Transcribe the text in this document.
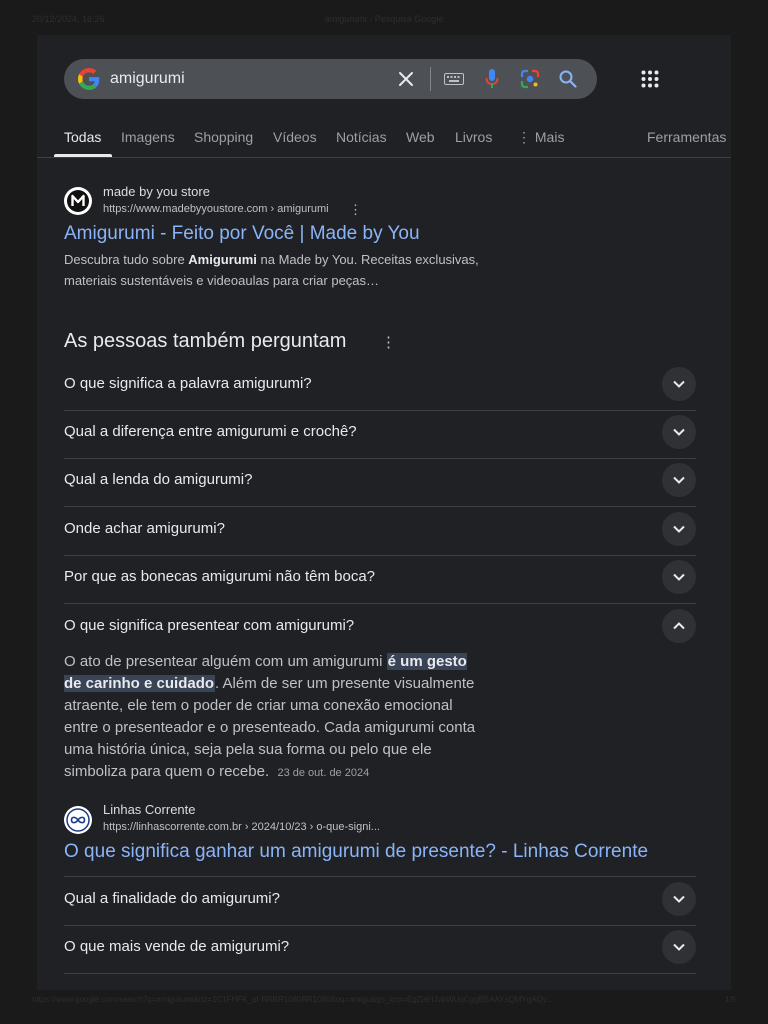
20/12/2024, 16:26	amigurumi - Pesquisa Google
amigurumi
Todas Imagens Shopping Vídeos Notícias Web Livros ⋮ Mais	Ferramentas
made by you store
https://www.madebyyoustore.com › amigurumi ⋮
Amigurumi - Feito por Você | Made by You
Descubra tudo sobre Amigurumi na Made by You. Receitas exclusivas, materiais sustentáveis e videoaulas para criar peças…
As pessoas também perguntam ⋮
O que significa a palavra amigurumi?
Qual a diferença entre amigurumi e crochê?
Qual a lenda do amigurumi?
Onde achar amigurumi?
Por que as bonecas amigurumi não têm boca?
O que significa presentear com amigurumi?
O ato de presentear alguém com um amigurumi é um gesto de carinho e cuidado. Além de ser um presente visualmente atraente, ele tem o poder de criar uma conexão emocional entre o presenteador e o presenteado. Cada amigurumi conta uma história única, seja pela sua forma ou pelo que ele simboliza para quem o recebe. 23 de out. de 2024
Linhas Corrente
https://linhascorrente.com.br › 2024/10/23 › o-que-signi...
O que significa ganhar um amigurumi de presente? - Linhas Corrente
Qual a finalidade do amigurumi?
O que mais vende de amigurumi?
https://www.google.com/search?q=amigurumi&rlz=1C1FHFK_pt-BRBR1080BR1080&oq=amigu&gs_lcrp=EgZjaHJvbWUqCggBEAAYsQMYgAQy...	1/5
